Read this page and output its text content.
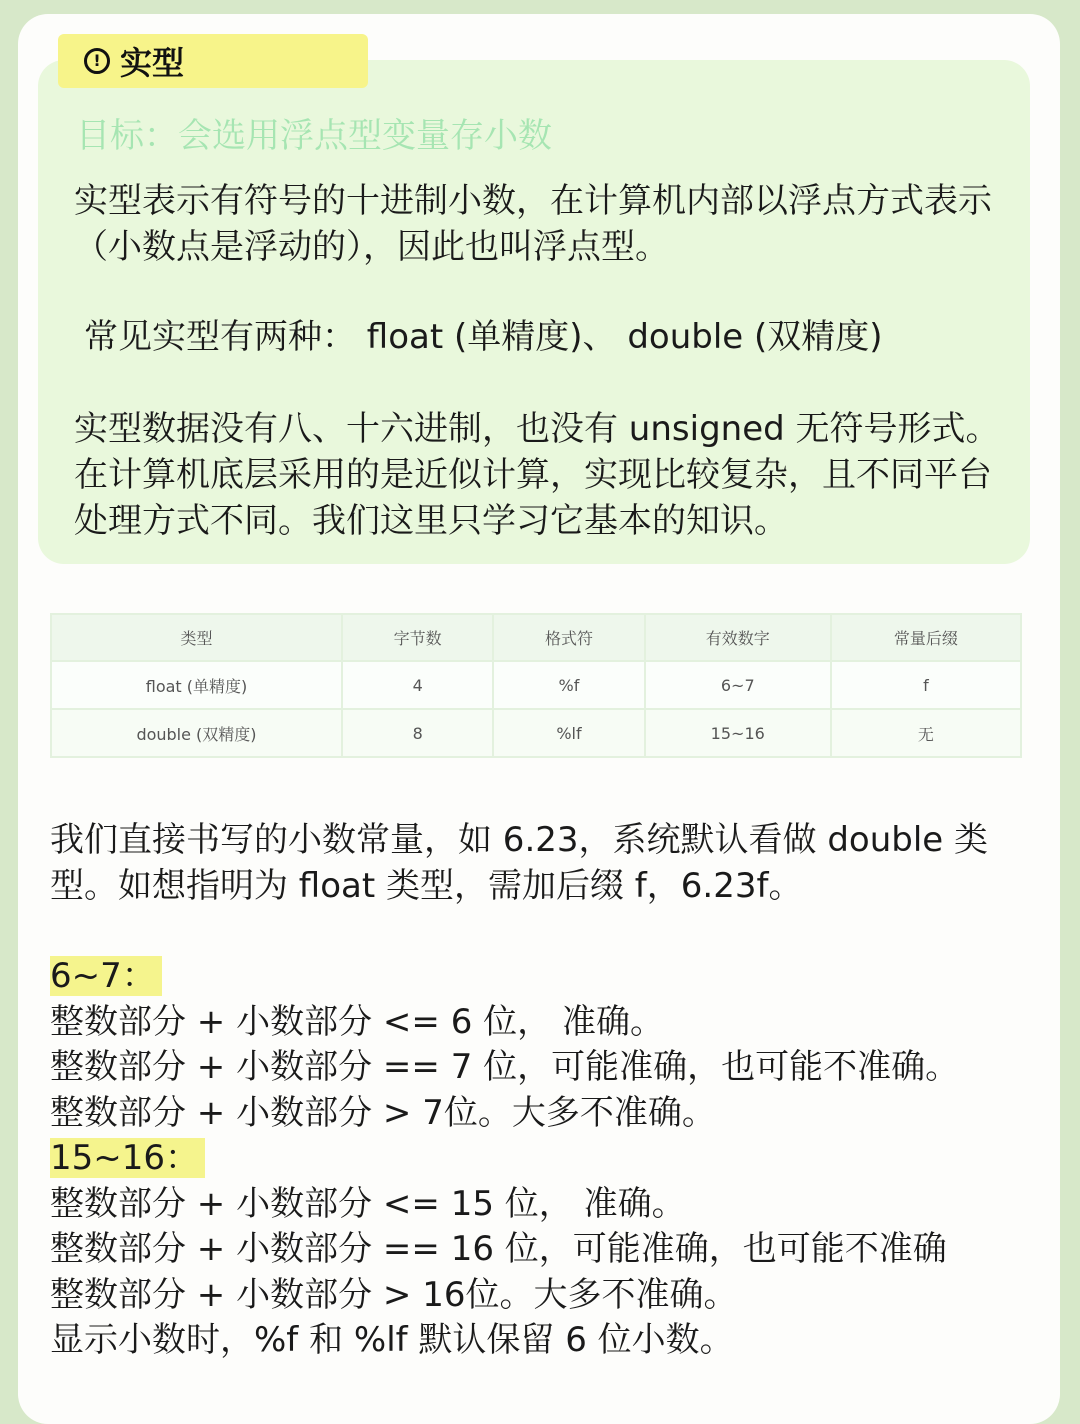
! 实型
目标：会选用浮点型变量存小数
实型表示有符号的十进制小数，在计算机内部以浮点方式表示（小数点是浮动的），因此也叫浮点型。
常见实型有两种： float (单精度)、 double (双精度)
实型数据没有八、十六进制，也没有 unsigned 无符号形式。在计算机底层采用的是近似计算，实现比较复杂，且不同平台处理方式不同。我们这里只学习它基本的知识。
类型	字节数	格式符	有效数字	常量后缀
float (单精度)	4	%f	6~7	f
double (双精度)	8	%lf	15~16	无
我们直接书写的小数常量，如 6.23，系统默认看做 double 类型。如想指明为 float 类型，需加后缀 f，6.23f。
6~7：
整数部分 + 小数部分 <= 6 位， 准确。
整数部分 + 小数部分 == 7 位，可能准确，也可能不准确。
整数部分 + 小数部分 > 7位。大多不准确。
15~16：
整数部分 + 小数部分 <= 15 位， 准确。
整数部分 + 小数部分 == 16 位，可能准确，也可能不准确
整数部分 + 小数部分 > 16位。大多不准确。
显示小数时，%f 和 %lf 默认保留 6 位小数。
